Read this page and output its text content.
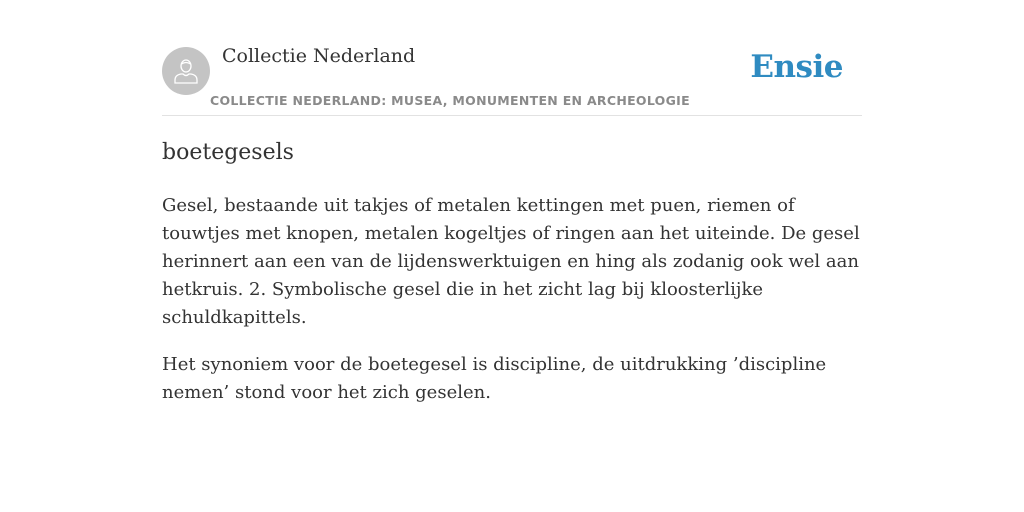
Collectie Nederland
COLLECTIE NEDERLAND: MUSEA, MONUMENTEN EN ARCHEOLOGIE
Ensie
boetegesels

Gesel, bestaande uit takjes of metalen kettingen met puen, riemen of touwtjes met knopen, metalen kogeltjes of ringen aan het uiteinde. De gesel herinnert aan een van de lijdenswerktuigen en hing als zodanig ook wel aan hetkruis. 2. Symbolische gesel die in het zicht lag bij kloosterlijke schuldkapittels.

Het synoniem voor de boetegesel is discipline, de uitdrukking ’discipline nemen’ stond voor het zich geselen.
